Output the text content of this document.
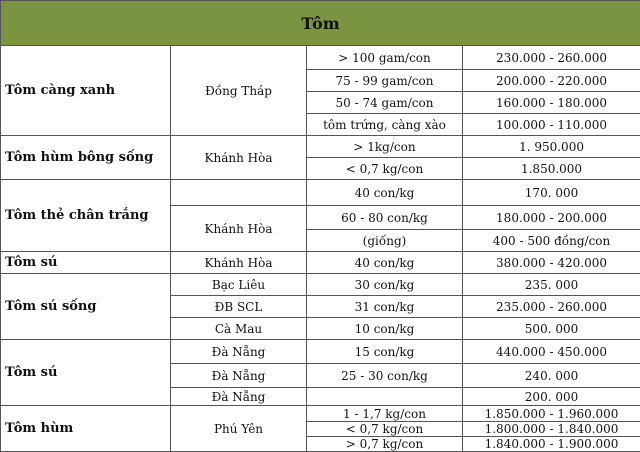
Tôm			
Tôm càng xanh	Đồng Tháp	> 100 gam/con	230.000 - 260.000
		75 - 99 gam/con	200.000 - 220.000
		50 - 74 gam/con	160.000 - 180.000
		tôm trứng, càng xào	100.000 - 110.000
Tôm hùm bông sống	Khánh Hòa	> 1kg/con	1. 950.000
		< 0,7 kg/con	1.850.000
Tôm thẻ chân trắng		40 con/kg	170. 000
	Khánh Hòa	60 - 80 con/kg	180.000 - 200.000
		(giống)	400 - 500 đồng/con
Tôm sú	Khánh Hòa	40 con/kg	380.000 - 420.000
Tôm sú sống	Bạc Liêu	30 con/kg	235. 000
	ĐB SCL	31 con/kg	235.000 - 260.000
	Cà Mau	10 con/kg	500. 000
Tôm sú	Đà Nẵng	15 con/kg	440.000 - 450.000
	Đà Nẵng	25 - 30 con/kg	240. 000
	Đà Nẵng		200. 000
Tôm hùm	Phú Yên	1 - 1,7 kg/con	1.850.000 - 1.960.000
		< 0,7 kg/con	1.800.000 - 1.840.000
		> 0,7 kg/con	1.840.000 - 1.900.000
